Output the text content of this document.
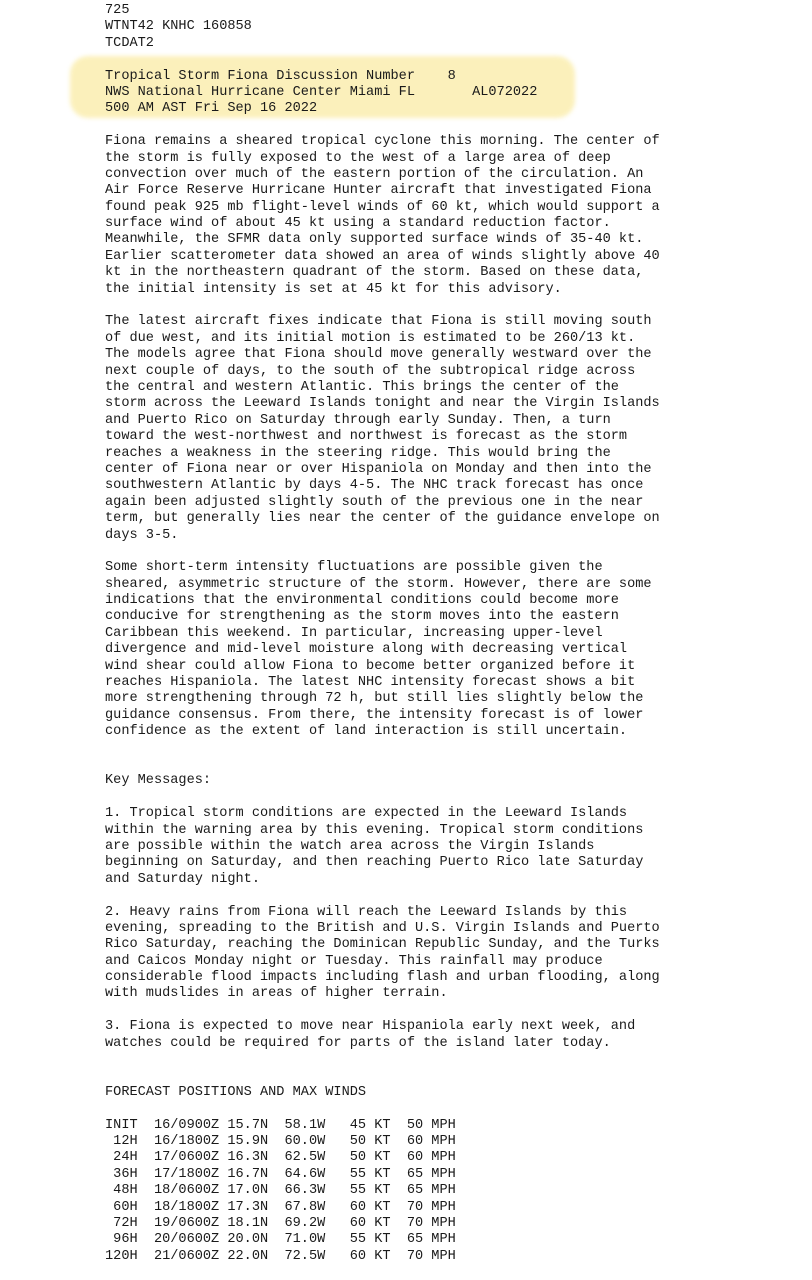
725
WTNT42 KNHC 160858
TCDAT2
Tropical Storm Fiona Discussion Number    8
NWS National Hurricane Center Miami FL       AL072022
500 AM AST Fri Sep 16 2022
Fiona remains a sheared tropical cyclone this morning. The center of
the storm is fully exposed to the west of a large area of deep
convection over much of the eastern portion of the circulation. An
Air Force Reserve Hurricane Hunter aircraft that investigated Fiona
found peak 925 mb flight-level winds of 60 kt, which would support a
surface wind of about 45 kt using a standard reduction factor.
Meanwhile, the SFMR data only supported surface winds of 35-40 kt.
Earlier scatterometer data showed an area of winds slightly above 40
kt in the northeastern quadrant of the storm. Based on these data,
the initial intensity is set at 45 kt for this advisory.
The latest aircraft fixes indicate that Fiona is still moving south
of due west, and its initial motion is estimated to be 260/13 kt.
The models agree that Fiona should move generally westward over the
next couple of days, to the south of the subtropical ridge across
the central and western Atlantic. This brings the center of the
storm across the Leeward Islands tonight and near the Virgin Islands
and Puerto Rico on Saturday through early Sunday. Then, a turn
toward the west-northwest and northwest is forecast as the storm
reaches a weakness in the steering ridge. This would bring the
center of Fiona near or over Hispaniola on Monday and then into the
southwestern Atlantic by days 4-5. The NHC track forecast has once
again been adjusted slightly south of the previous one in the near
term, but generally lies near the center of the guidance envelope on
days 3-5.
Some short-term intensity fluctuations are possible given the
sheared, asymmetric structure of the storm. However, there are some
indications that the environmental conditions could become more
conducive for strengthening as the storm moves into the eastern
Caribbean this weekend. In particular, increasing upper-level
divergence and mid-level moisture along with decreasing vertical
wind shear could allow Fiona to become better organized before it
reaches Hispaniola. The latest NHC intensity forecast shows a bit
more strengthening through 72 h, but still lies slightly below the
guidance consensus. From there, the intensity forecast is of lower
confidence as the extent of land interaction is still uncertain.
Key Messages:
1. Tropical storm conditions are expected in the Leeward Islands
within the warning area by this evening. Tropical storm conditions
are possible within the watch area across the Virgin Islands
beginning on Saturday, and then reaching Puerto Rico late Saturday
and Saturday night.
2. Heavy rains from Fiona will reach the Leeward Islands by this
evening, spreading to the British and U.S. Virgin Islands and Puerto
Rico Saturday, reaching the Dominican Republic Sunday, and the Turks
and Caicos Monday night or Tuesday. This rainfall may produce
considerable flood impacts including flash and urban flooding, along
with mudslides in areas of higher terrain.
3. Fiona is expected to move near Hispaniola early next week, and
watches could be required for parts of the island later today.
FORECAST POSITIONS AND MAX WINDS
INIT  16/0900Z 15.7N  58.1W   45 KT  50 MPH
12H  16/1800Z 15.9N  60.0W   50 KT  60 MPH
24H  17/0600Z 16.3N  62.5W   50 KT  60 MPH
36H  17/1800Z 16.7N  64.6W   55 KT  65 MPH
48H  18/0600Z 17.0N  66.3W   55 KT  65 MPH
60H  18/1800Z 17.3N  67.8W   60 KT  70 MPH
72H  19/0600Z 18.1N  69.2W   60 KT  70 MPH
96H  20/0600Z 20.0N  71.0W   55 KT  65 MPH
120H  21/0600Z 22.0N  72.5W   60 KT  70 MPH
